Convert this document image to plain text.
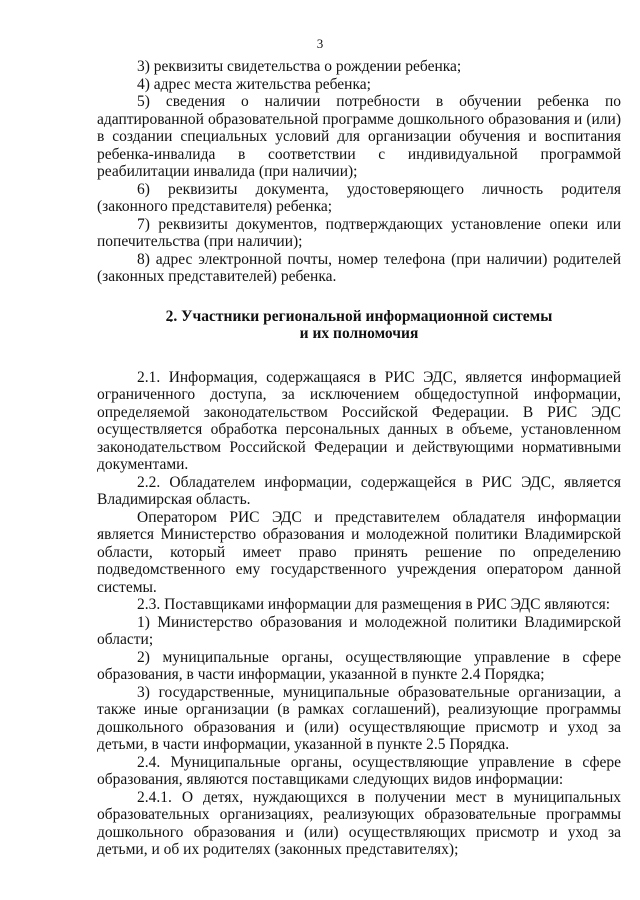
3

3) реквизиты свидетельства о рождении ребенка;

4) адрес места жительства ребенка;

5) сведения о наличии потребности в обучении ребенка по адаптированной образовательной программе дошкольного образования и (или) в создании специальных условий для организации обучения и воспитания ребенка-инвалида в соответствии с индивидуальной программой реабилитации инвалида (при наличии);

6) реквизиты документа, удостоверяющего личность родителя (законного представителя) ребенка;

7) реквизиты документов, подтверждающих установление опеки или попечительства (при наличии);

8) адрес электронной почты, номер телефона (при наличии) родителей (законных представителей) ребенка.

2. Участники региональной информационной системы
и их полномочия

2.1. Информация, содержащаяся в РИС ЭДС, является информацией ограниченного доступа, за исключением общедоступной информации, определяемой законодательством Российской Федерации. В РИС ЭДС осуществляется обработка персональных данных в объеме, установленном законодательством Российской Федерации и действующими нормативными документами.

2.2. Обладателем информации, содержащейся в РИС ЭДС, является Владимирская область.

Оператором РИС ЭДС и представителем обладателя информации является Министерство образования и молодежной политики Владимирской области, который имеет право принять решение по определению подведомственного ему государственного учреждения оператором данной системы.

2.3. Поставщиками информации для размещения в РИС ЭДС являются:

1) Министерство образования и молодежной политики Владимирской области;

2) муниципальные органы, осуществляющие управление в сфере образования, в части информации, указанной в пункте 2.4 Порядка;

3) государственные, муниципальные образовательные организации, а также иные организации (в рамках соглашений), реализующие программы дошкольного образования и (или) осуществляющие присмотр и уход за детьми, в части информации, указанной в пункте 2.5 Порядка.

2.4. Муниципальные органы, осуществляющие управление в сфере образования, являются поставщиками следующих видов информации:

2.4.1. О детях, нуждающихся в получении мест в муниципальных образовательных организациях, реализующих образовательные программы дошкольного образования и (или) осуществляющих присмотр и уход за детьми, и об их родителях (законных представителях);
